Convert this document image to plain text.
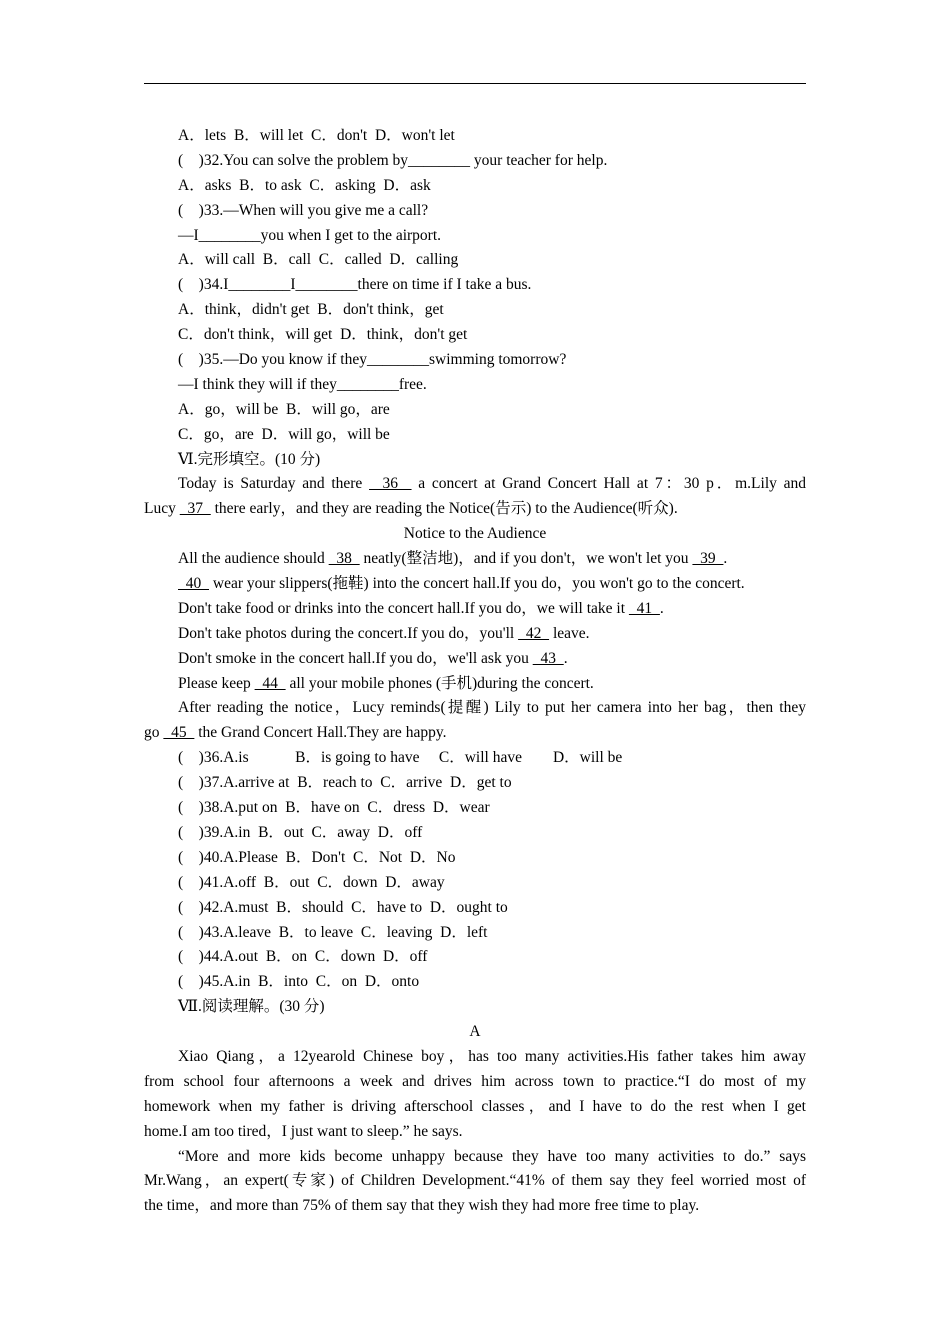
A．lets  B．will let  C．don't  D．won't let
(    )32.You can solve the problem by________ your teacher for help.
A．asks  B．to ask  C．asking  D．ask
(    )33.—When will you give me a call?
—I________you when I get to the airport.
A．will call  B．call  C．called  D．calling
(    )34.I________I________there on time if I take a bus.
A．think，didn't get  B．don't think，get
C．don't think，will get  D．think，don't get
(    )35.—Do you know if they________swimming tomorrow?
—I think they will if they________free.
A．go，will be  B．will go，are
C．go，are  D．will go，will be
Ⅵ.完形填空。(10 分)
Today is Saturday and there   36   a concert at Grand Concert Hall at 7：30 p．m.Lily and
Lucy   37   there early，and they are reading the Notice(告示) to the Audience(听众).
Notice to the Audience
All the audience should   38   neatly(整洁地)，and if you don't，we won't let you   39  .
40   wear your slippers(拖鞋) into the concert hall.If you do，you won't go to the concert.
Don't take food or drinks into the concert hall.If you do，we will take it   41  .
Don't take photos during the concert.If you do，you'll   42   leave.
Don't smoke in the concert hall.If you do，we'll ask you   43  .
Please keep   44   all your mobile phones (手机)during the concert.
After reading the notice，Lucy reminds(提醒) Lily to put her camera into her bag，then they
go   45   the Grand Concert Hall.They are happy.
(    )36.A.is            B．is going to have     C．will have        D．will be
(    )37.A.arrive at  B．reach to  C．arrive  D．get to
(    )38.A.put on  B．have on  C．dress  D．wear
(    )39.A.in  B．out  C．away  D．off
(    )40.A.Please  B．Don't  C．Not  D．No
(    )41.A.off  B．out  C．down  D．away
(    )42.A.must  B．should  C．have to  D．ought to
(    )43.A.leave  B．to leave  C．leaving  D．left
(    )44.A.out  B．on  C．down  D．off
(    )45.A.in  B．into  C．on  D．onto
Ⅶ.阅读理解。(30 分)
A
Xiao Qiang，a 12yearold Chinese boy，has too many activities.His father takes him away
from school four afternoons a week and drives him across town to practice.“I do most of my
homework when my father is driving afterschool classes，and I have to do the rest when I get
home.I am too tired，I just want to sleep.” he says.
“More and more kids become unhappy because they have too many activities to do.” says
Mr.Wang，an expert(专家) of Children Development.“41% of them say they feel worried most of
the time，and more than 75% of them say that they wish they had more free time to play.
